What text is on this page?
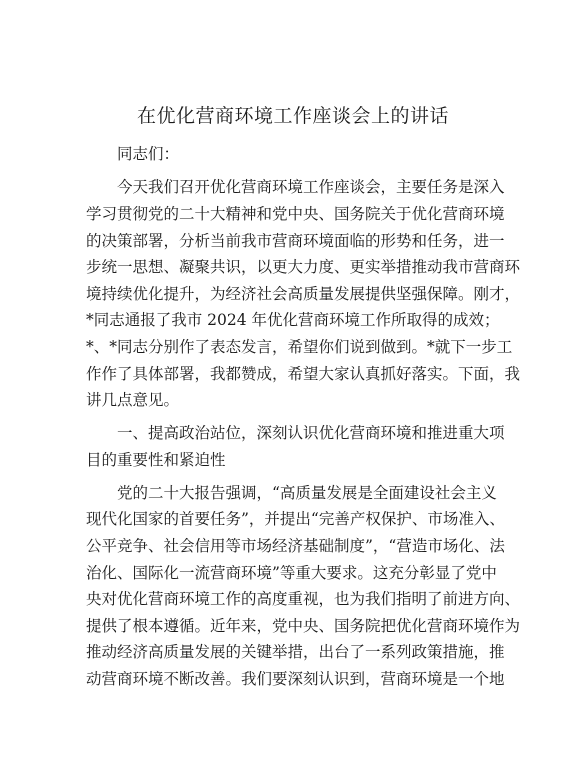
在优化营商环境工作座谈会上的讲话
同志们：
今天我们召开优化营商环境工作座谈会，主要任务是深入
学习贯彻党的二十大精神和党中央、国务院关于优化营商环境
的决策部署，分析当前我市营商环境面临的形势和任务，进一
步统一思想、凝聚共识，以更大力度、更实举措推动我市营商环
境持续优化提升，为经济社会高质量发展提供坚强保障。刚才，
*同志通报了我市 2024 年优化营商环境工作所取得的成效；
*、*同志分别作了表态发言，希望你们说到做到。*就下一步工
作作了具体部署，我都赞成，希望大家认真抓好落实。下面，我
讲几点意见。
一、提高政治站位，深刻认识优化营商环境和推进重大项
目的重要性和紧迫性
党的二十大报告强调，“高质量发展是全面建设社会主义
现代化国家的首要任务”，并提出“完善产权保护、市场准入、
公平竞争、社会信用等市场经济基础制度”，“营造市场化、法
治化、国际化一流营商环境”等重大要求。这充分彰显了党中
央对优化营商环境工作的高度重视，也为我们指明了前进方向、
提供了根本遵循。近年来，党中央、国务院把优化营商环境作为
推动经济高质量发展的关键举措，出台了一系列政策措施，推
动营商环境不断改善。我们要深刻认识到，营商环境是一个地
